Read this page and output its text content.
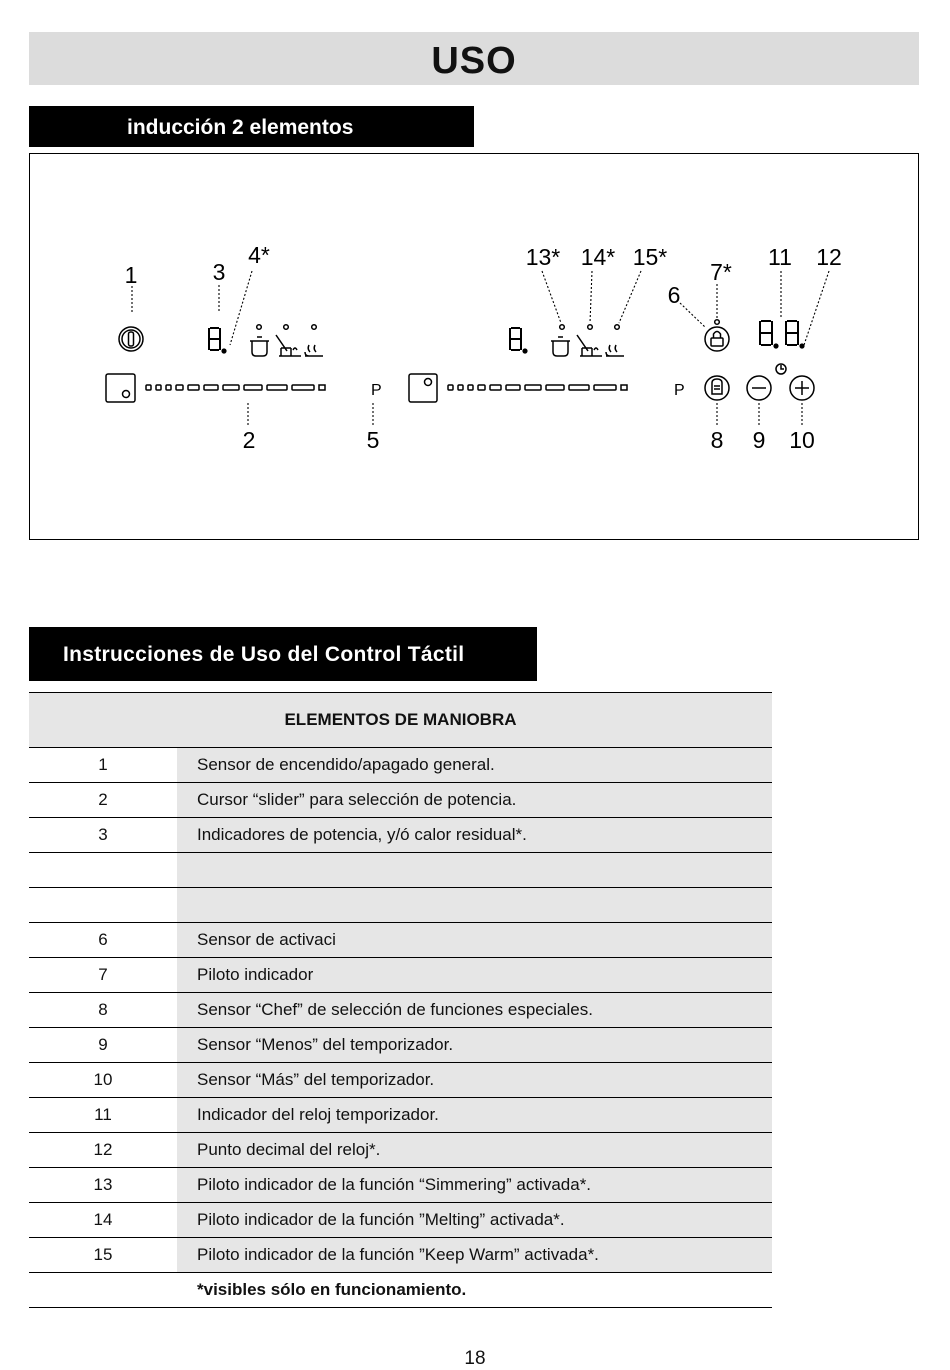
USO
inducción 2 elementos
P	P
1
2
3
4*
5
6
7*
8 9 10
11 12
13* 14* 15*
Instrucciones de Uso del Control Táctil
ELEMENTOS DE MANIOBRA	
1	Sensor de encendido/apagado general.
2	Cursor “slider” para selección de potencia.
3	Indicadores de potencia, y/ó calor residual*.

6	Sensor de activaci
7	Piloto indicador
8	Sensor “Chef” de selección de funciones especiales.
9	Sensor “Menos” del temporizador.
10	Sensor “Más” del temporizador.
11	Indicador del reloj temporizador.
12	Punto decimal del reloj*.
13	Piloto indicador de la función “Simmering” activada*.
14	Piloto indicador de la función ”Melting” activada*.
15	Piloto indicador de la función ”Keep Warm” activada*.
	*visibles sólo en funcionamiento.
18
